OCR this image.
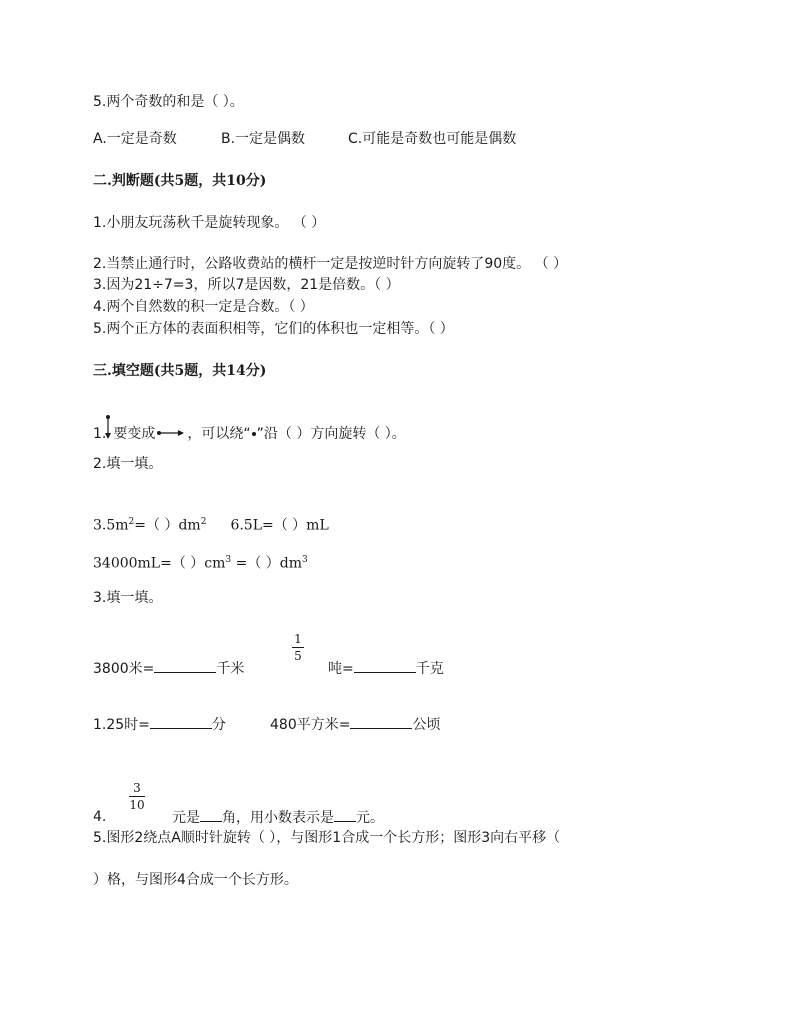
5.两个奇数的和是（ ）。
A.一定是奇数	B.一定是偶数	C.可能是奇数也可能是偶数
二.判断题(共5题，共10分)
1.小朋友玩荡秋千是旋转现象。 （ ）
2.当禁止通行时，公路收费站的横杆一定是按逆时针方向旋转了90度。 （ ）
3.因为21÷7=3，所以7是因数，21是倍数。（ ）
4.两个自然数的积一定是合数。（ ）
5.两个正方体的表面积相等，它们的体积也一定相等。（ ）
三.填空题(共5题，共14分)
1. 要变成 ，可以绕“ ”沿（ ）方向旋转（ ）。
2.填一填。
$3.5m^2=$（ ）$dm^2$ 6.5L=（ ）mL
34000mL=（ ）$cm^3$ =（ ）$dm^3$
3.填一填。
1
5
3800米=	千米	吨=	千克
1.25时=	分	480平方米=	公顷
3
10
4.	元是 角，用小数表示是 元。
5.图形2绕点A顺时针旋转（ ），与图形1合成一个长方形；图形3向右平移（
）格，与图形4合成一个长方形。
